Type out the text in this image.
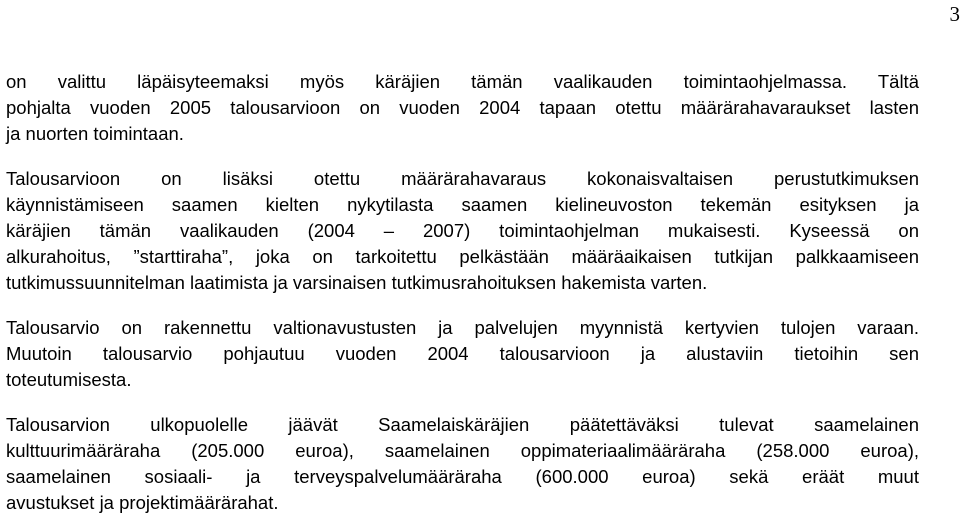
3
on valittu läpäisyteemaksi myös käräjien tämän vaalikauden toimintaohjelmassa. Tältä
pohjalta vuoden 2005 talousarvioon on vuoden 2004 tapaan otettu määrärahavaraukset lasten
ja nuorten toimintaan.
Talousarvioon on lisäksi otettu määrärahavaraus kokonaisvaltaisen perustutkimuksen
käynnistämiseen saamen kielten nykytilasta saamen kielineuvoston tekemän esityksen ja
käräjien tämän vaalikauden (2004 – 2007) toimintaohjelman mukaisesti. Kyseessä on
alkurahoitus, ”starttiraha”, joka on tarkoitettu pelkästään määräaikaisen tutkijan palkkaamiseen
tutkimussuunnitelman laatimista ja varsinaisen tutkimusrahoituksen hakemista varten.
Talousarvio on rakennettu valtionavustusten ja palvelujen myynnistä kertyvien tulojen varaan.
Muutoin talousarvio pohjautuu vuoden 2004 talousarvioon ja alustaviin tietoihin sen
toteutumisesta.
Talousarvion ulkopuolelle jäävät Saamelaiskäräjien päätettäväksi tulevat saamelainen
kulttuurimääräraha (205.000 euroa), saamelainen oppimateriaalimääräraha (258.000 euroa),
saamelainen sosiaali- ja terveyspalvelumääräraha (600.000 euroa) sekä eräät muut
avustukset ja projektimäärärahat.
